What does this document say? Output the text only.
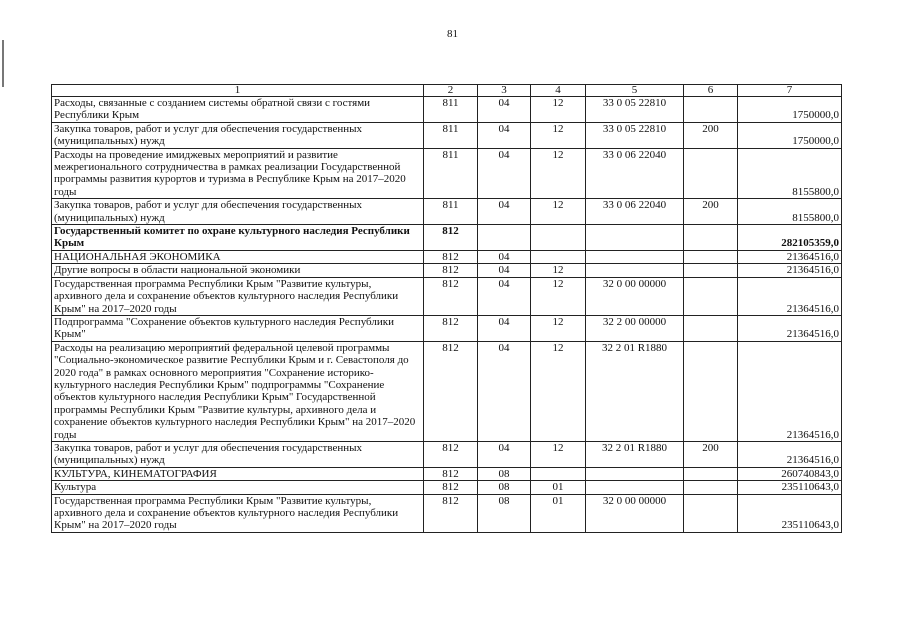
81
1	2	3	4	5	6	7
Расходы, связанные с созданием системы обратной связи с гостями Республики Крым	811	04	12	33 0 05 22810		1750000,0
Закупка товаров, работ и услуг для обеспечения государственных (муниципальных) нужд	811	04	12	33 0 05 22810	200	1750000,0
Расходы на проведение имиджевых мероприятий и развитие межрегионального сотрудничества в рамках реализации Государственной программы развития курортов и туризма в Республике Крым на 2017–2020 годы	811	04	12	33 0 06 22040		8155800,0
Закупка товаров, работ и услуг для обеспечения государственных (муниципальных) нужд	811	04	12	33 0 06 22040	200	8155800,0
Государственный комитет по охране культурного наследия Республики Крым	812					282105359,0
НАЦИОНАЛЬНАЯ ЭКОНОМИКА	812	04				21364516,0
Другие вопросы в области национальной экономики	812	04	12			21364516,0
Государственная программа Республики Крым "Развитие культуры, архивного дела и сохранение объектов культурного наследия Республики Крым" на 2017–2020 годы	812	04	12	32 0 00 00000		21364516,0
Подпрограмма "Сохранение объектов культурного наследия Республики Крым"	812	04	12	32 2 00 00000		21364516,0
Расходы на реализацию мероприятий федеральной целевой программы "Социально-экономическое развитие Республики Крым и г. Севастополя до 2020 года" в рамках основного мероприятия "Сохранение историко-культурного наследия Республики Крым" подпрограммы "Сохранение объектов культурного наследия Республики Крым" Государственной программы Республики Крым "Развитие культуры, архивного дела и сохранение объектов культурного наследия Республики Крым" на 2017–2020 годы	812	04	12	32 2 01 R1880		21364516,0
Закупка товаров, работ и услуг для обеспечения государственных (муниципальных) нужд	812	04	12	32 2 01 R1880	200	21364516,0
КУЛЬТУРА, КИНЕМАТОГРАФИЯ	812	08				260740843,0
Культура	812	08	01			235110643,0
Государственная программа Республики Крым "Развитие культуры, архивного дела и сохранение объектов культурного наследия Республики Крым" на 2017–2020 годы	812	08	01	32 0 00 00000		235110643,0
